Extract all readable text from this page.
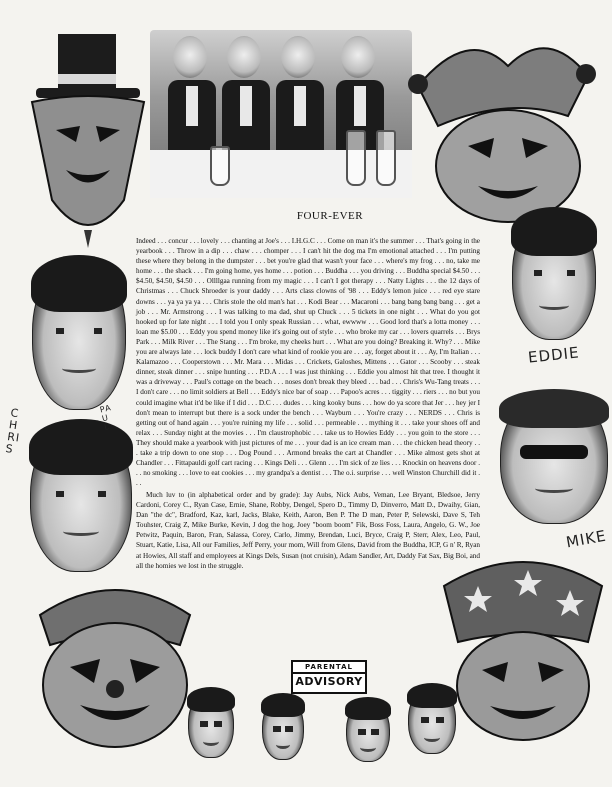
FOUR-EVER

Indeed . . . concur . . . lovely . . . chanting at Joe's . . . I.H.G.C . . . Come on man it's the summer . . . That's going in the yearbook . . . Throw in a dip . . . chaw . . . chomper . . . I can't hit the dog ma I'm emotional attached . . . I'm putting these where they belong in the dumpster . . . bet you're glad that wasn't your face . . . where's my frog . . . no, take me home . . . the shack . . . I'm going home, yes home . . . potion . . . Buddha . . . you driving . . . Buddha special $4.50 . . . $4.50, $4.50, $4.50 . . . Ollllgaa running from my magic . . . I can't I got therapy . . . Natty Lights . . . the 12 days of Christmas . . . Chuck Shroeder is your daddy . . . Arts class clowns of '98 . . . Eddy's lemon juice . . . red eye stare downs . . . ya ya ya ya . . . Chris stole the old man's hat . . . Kodi Bear . . . Macaroni . . . bang bang bang bang . . . get a job . . . Mr. Armstrong . . . I was talking to ma dad, shut up Chuck . . . 5 tickets in one night . . . What do you got hooked up for late night . . . I told you I only speak Russian . . . what, ewwww . . . Good lord that's a lotta money . . . loan me $5.00 . . . Eddy you spend money like it's going out of style . . . who broke my car . . . lovers quarrels . . . Brys Park . . . Milk River . . . The Stang . . . I'm broke, my cheeks hurt . . . What are you doing? Breaking it. Why? . . . Mike you are always late . . . lock buddy I don't care what kind of rookie you are . . . ay, forget about it . . . Ay, I'm Italian . . . Kalamazoo . . . Cooperstown . . . Mr. Mara . . . Midas . . . Crickets, Galoshes, Mittens . . . Gator . . . Scooby . . . steak dinner, steak dinner . . . snipe hunting . . . P.D.A . . . I was just thinking . . . Eddie you almost hit that tree. I thought it was a driveway . . . Paul's cottage on the beach . . . noses don't break they bleed . . . bad . . . Chris's Wu-Tang treats . . . I don't care . . . no limit soldiers at Bell . . . Eddy's nice bar of soap . . . Papoo's acres . . . tiggity . . . riers . . . no but you could imagine what it'd be like if I did . . . D.C . . . dudes . . . king kooky buns . . . how do ya score that Jer . . . hey jer I don't mean to interrupt but there is a sock under the bench . . . Wayburn . . . You're crazy . . . NERDS . . . Chris is getting out of hand again . . . you're ruining my life . . . solid . . . permeable . . . mything it . . . take your shoes off and relax . . . Sunday night at the movies . . . I'm claustrophobic . . . take us to Howies Eddy . . . you goin to the store . . . They should make a yearbook with just pictures of me . . . your dad is an ice cream man . . . the chicken head theory . . . take a trip down to one stop . . . Dog Pound . . . Armond breaks the cart at Chandler . . . Mike almost gets shot at Chandler . . . Fittapauldi golf cart racing . . . Kings Deli . . . Glenn . . . I'm sick of ze lies . . . Knockin on heavens door . . . no smoking . . . love to eat cookies . . . my grandpa's a dentist . . . The o.i. surprise . . . well Winston Churchill did it . . .

Much luv to (in alphabetical order and by grade): Jay Aubs, Nick Aubs, Veman, Lee Bryant, Bledsoe, Jerry Cardoni, Corey C., Ryan Case, Ernie, Shane, Robby, Dengel, Spero D., Timmy D, Dinverro, Matt D., Dwaihy, Gian, Dan "the dc", Bradford, Kaz, karl, Jacks, Blake, Keith, Aaron, Ben P. The D man, Peter P, Selewski, Dave S, Teh Touhster, Craig Z, Mike Burke, Kevin, J dog the hog, Joey "boom boom" Fik, Boss Foss, Laura, Angelo, G. W., Joe Petwitz, Paquin, Baron, Fran, Salassa, Corey, Carlo, Jimmy, Brendan, Luci, Bryce, Craig P, Sterr, Alex, Leo, Paul, Stuart, Katie, Lisa, All our Families, Jeff Perry, your mom, Will from Glens, David from the Buddha, ICP, G n' R, Ryan at Howies, All staff and employees at Kings Dels, Susan (not cruisin), Adam Sandler, Art, Daddy Fat Sax, Big Boi, and all the homies we lost in the struggle.

EDDIE
MIKE
CHRIS
PAUL
PARENTAL
ADVISORY
